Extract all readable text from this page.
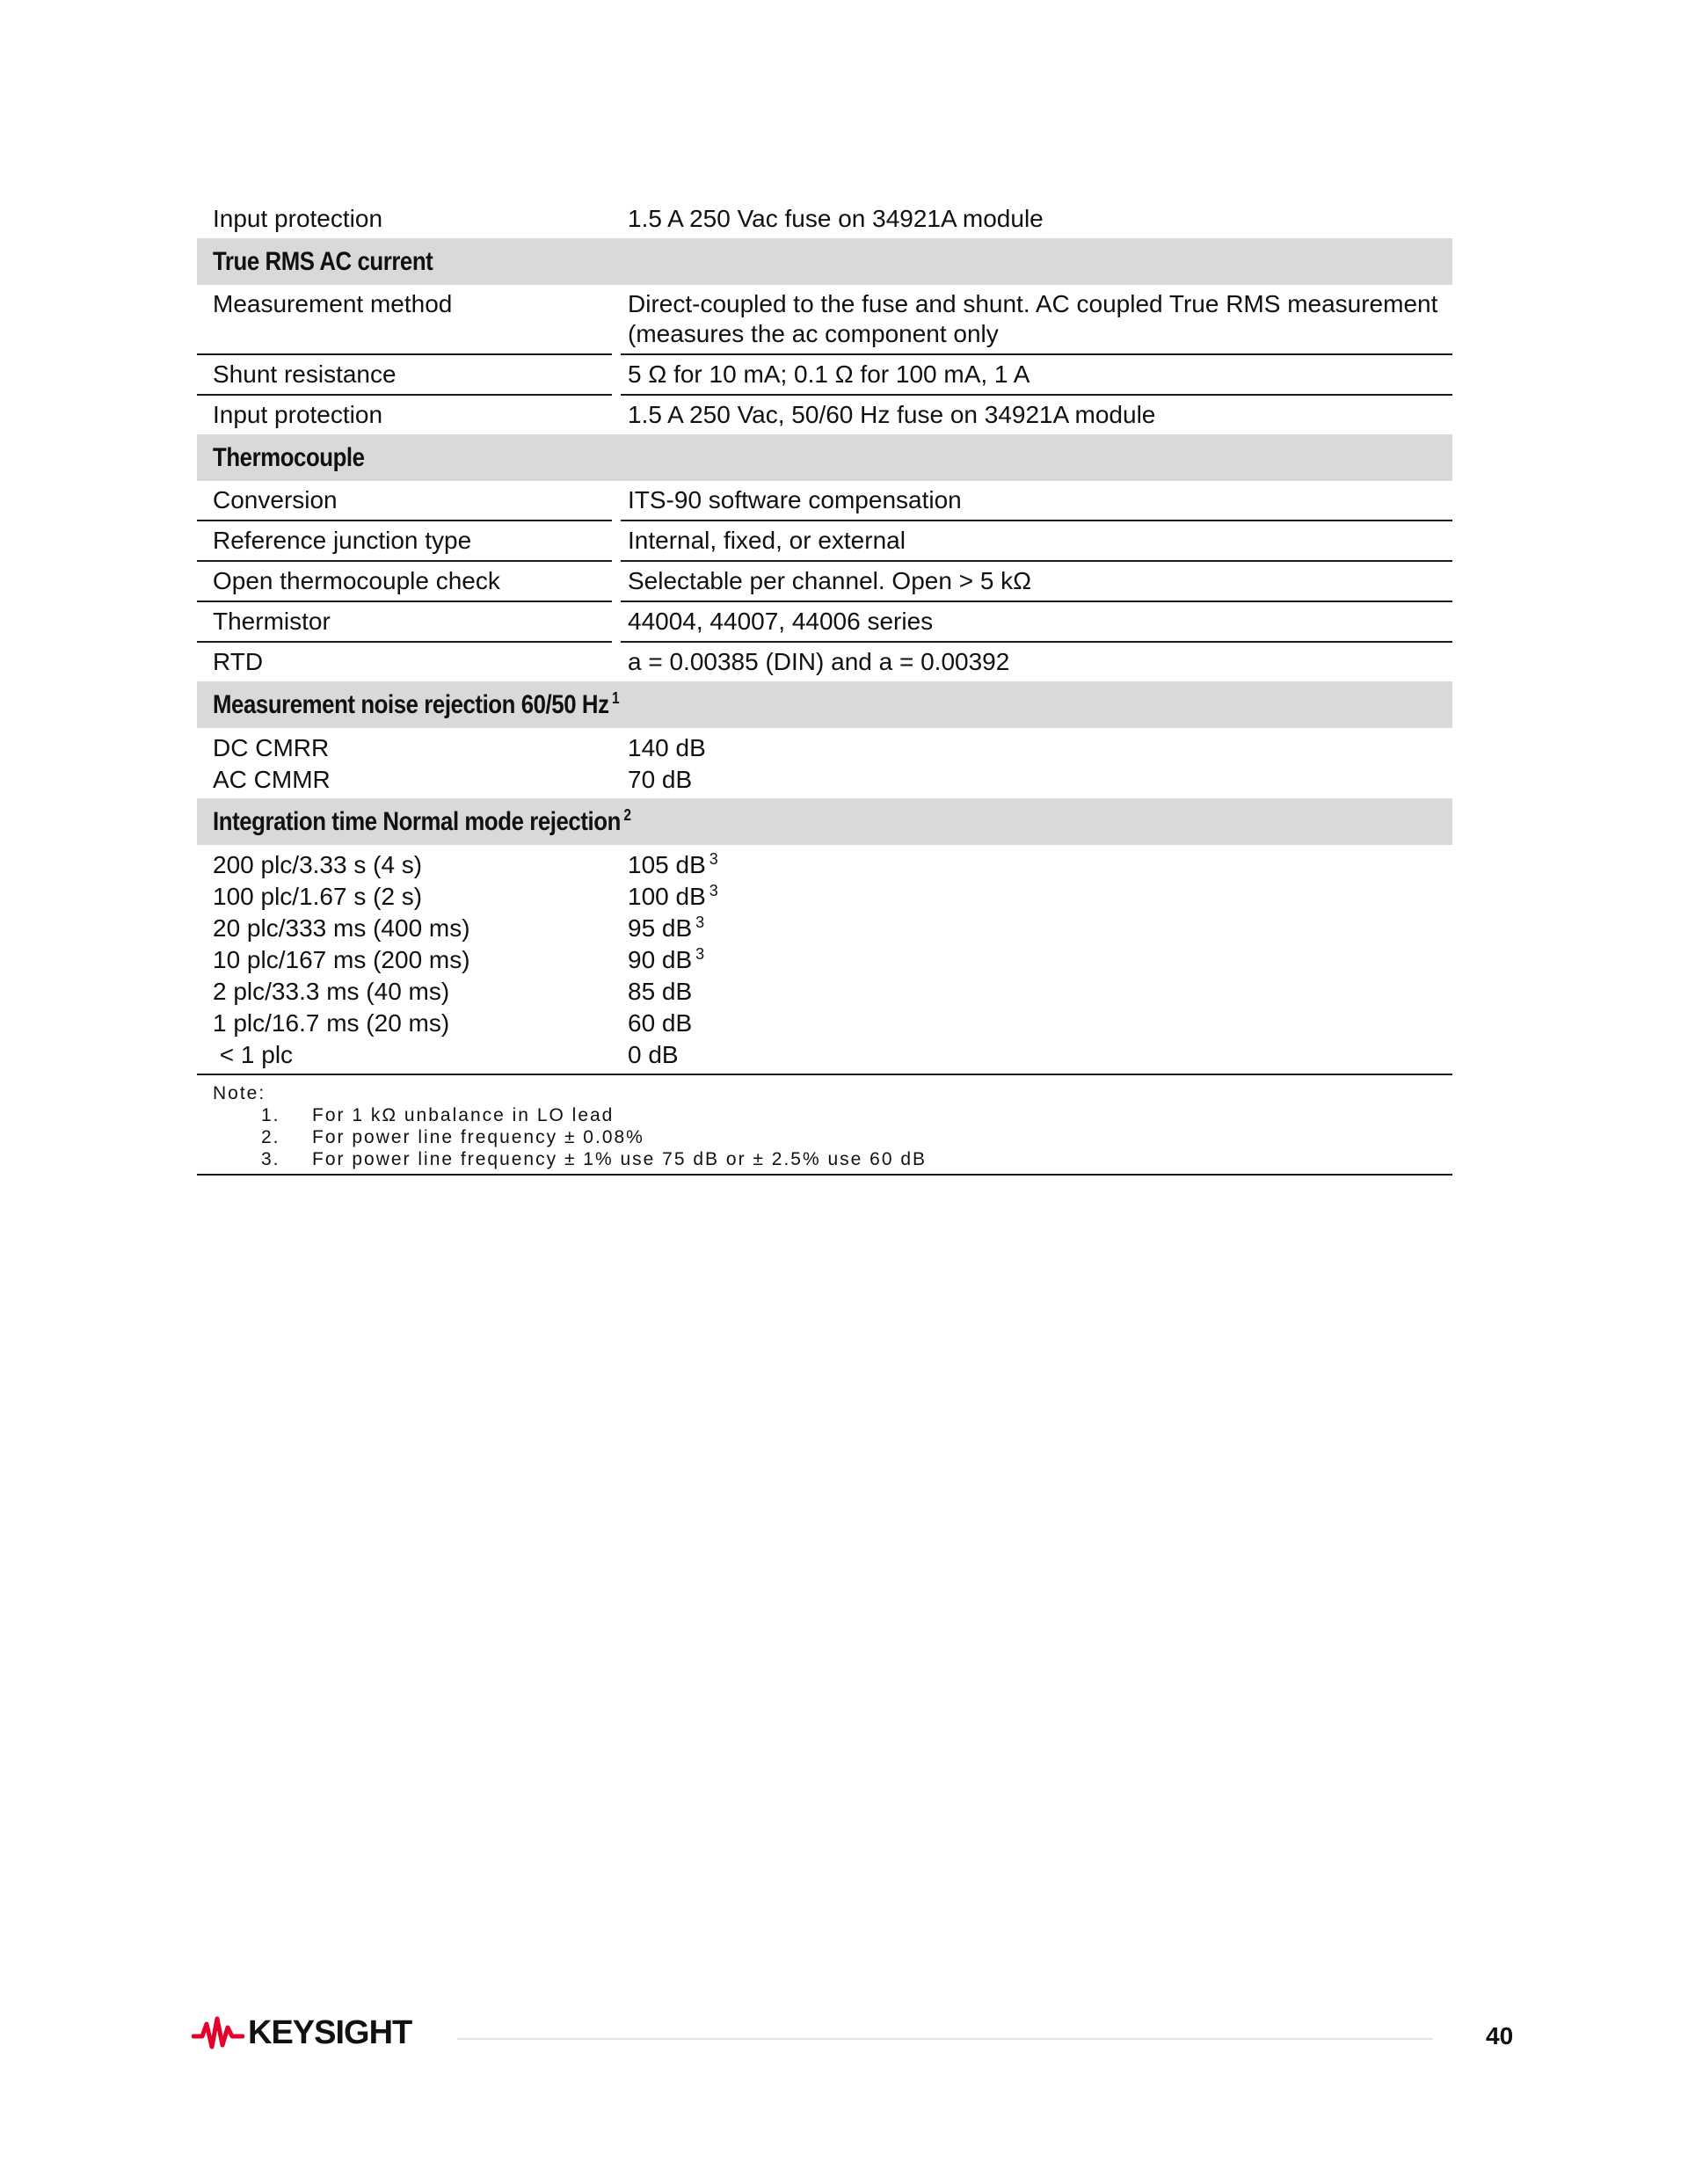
Input protection	1.5 A 250 Vac fuse on 34921A module
True RMS AC current
Measurement method	Direct-coupled to the fuse and shunt. AC coupled True RMS measurement (measures the ac component only
Shunt resistance	5 Ω for 10 mA; 0.1 Ω for 100 mA, 1 A
Input protection	1.5 A 250 Vac, 50/60 Hz fuse on 34921A module
Thermocouple
Conversion	ITS-90 software compensation
Reference junction type	Internal, fixed, or external
Open thermocouple check	Selectable per channel. Open > 5 kΩ
Thermistor	44004, 44007, 44006 series
RTD	a = 0.00385 (DIN) and a = 0.00392
Measurement noise rejection 60/50 Hz $^1$
DC CMRR	140 dB
AC CMMR	70 dB
Integration time Normal mode rejection $^2$
200 plc/3.33 s (4 s)	105 dB $^3$
100 plc/1.67 s (2 s)	100 dB $^3$
20 plc/333 ms (400 ms)	95 dB $^3$
10 plc/167 ms (200 ms)	90 dB $^3$
2 plc/33.3 ms (40 ms)	85 dB
1 plc/16.7 ms (20 ms)	60 dB
< 1 plc	0 dB
Note:
1.	For 1 kΩ unbalance in LO lead
2.	For power line frequency ± 0.08%
3.	For power line frequency ± 1% use 75 dB or ± 2.5% use 60 dB
KEYSIGHT	40
